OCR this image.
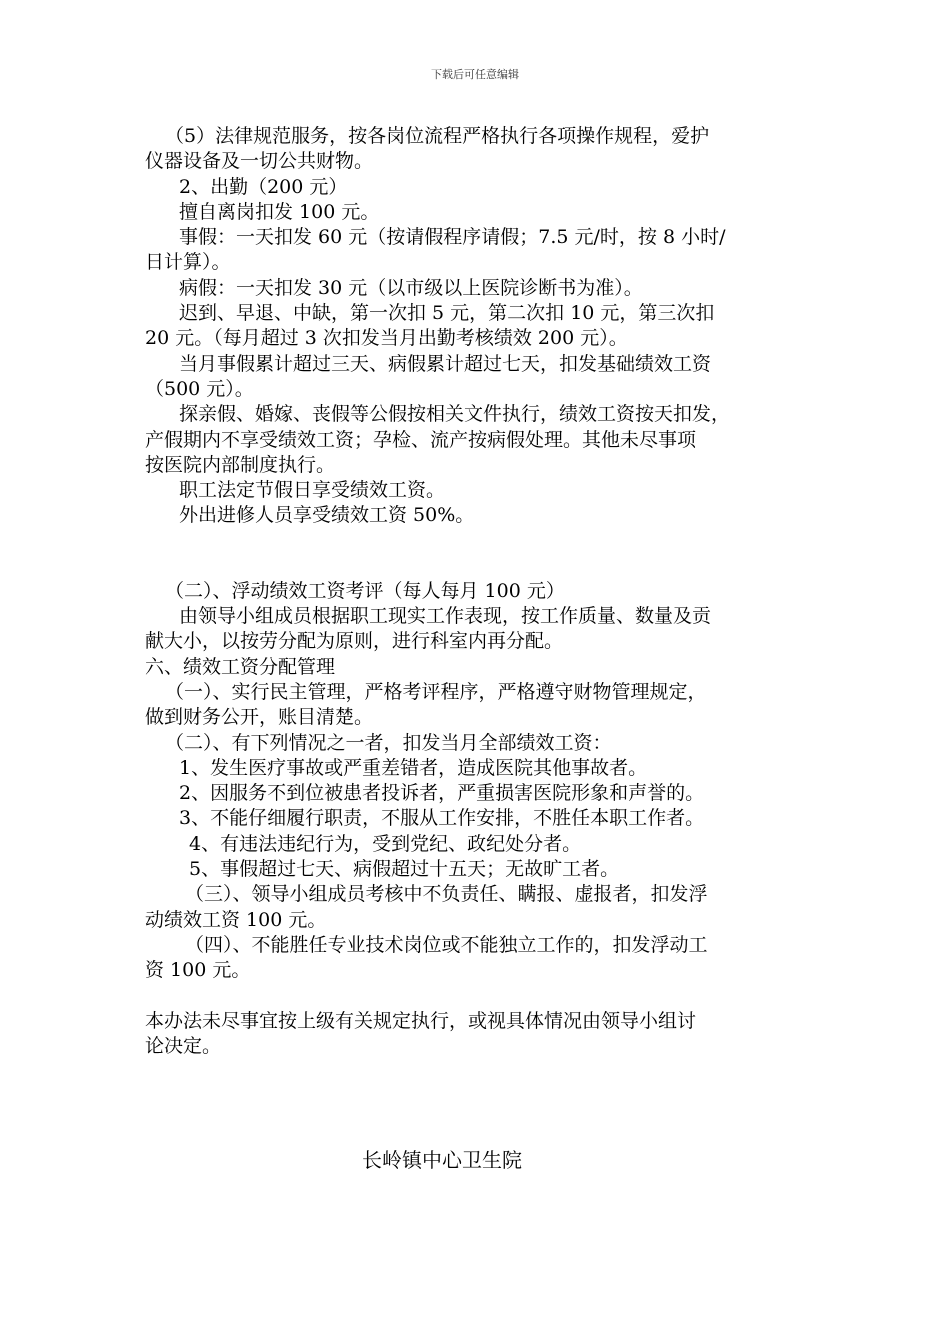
下载后可任意编辑

（5）法律规范服务，按各岗位流程严格执行各项操作规程，爱护

仪器设备及一切公共财物。

2、出勤（200 元）

擅自离岗扣发 100 元。

事假：一天扣发 60 元（按请假程序请假；7.5 元/时，按 8 小时/

日计算）。

病假：一天扣发 30 元（以市级以上医院诊断书为准）。

迟到、早退、中缺，第一次扣 5 元，第二次扣 10 元，第三次扣

20 元。（每月超过 3 次扣发当月出勤考核绩效 200 元）。

当月事假累计超过三天、病假累计超过七天，扣发基础绩效工资

（500 元）。

探亲假、婚嫁、丧假等公假按相关文件执行，绩效工资按天扣发，

产假期内不享受绩效工资；孕检、流产按病假处理。其他未尽事项

按医院内部制度执行。

职工法定节假日享受绩效工资。

外出进修人员享受绩效工资 50%。

（二）、浮动绩效工资考评（每人每月 100 元）

由领导小组成员根据职工现实工作表现，按工作质量、数量及贡

献大小，以按劳分配为原则，进行科室内再分配。

六、绩效工资分配管理

（一）、实行民主管理，严格考评程序，严格遵守财物管理规定，

做到财务公开，账目清楚。

（二）、有下列情况之一者，扣发当月全部绩效工资：

1、发生医疗事故或严重差错者，造成医院其他事故者。

2、因服务不到位被患者投诉者，严重损害医院形象和声誉的。

3、不能仔细履行职责，不服从工作安排，不胜任本职工作者。

4、有违法违纪行为，受到党纪、政纪处分者。

5、事假超过七天、病假超过十五天；无故旷工者。

（三）、领导小组成员考核中不负责任、瞒报、虚报者，扣发浮

动绩效工资 100 元。

（四）、不能胜任专业技术岗位或不能独立工作的，扣发浮动工

资 100 元。

本办法未尽事宜按上级有关规定执行，或视具体情况由领导小组讨

论决定。

长岭镇中心卫生院
